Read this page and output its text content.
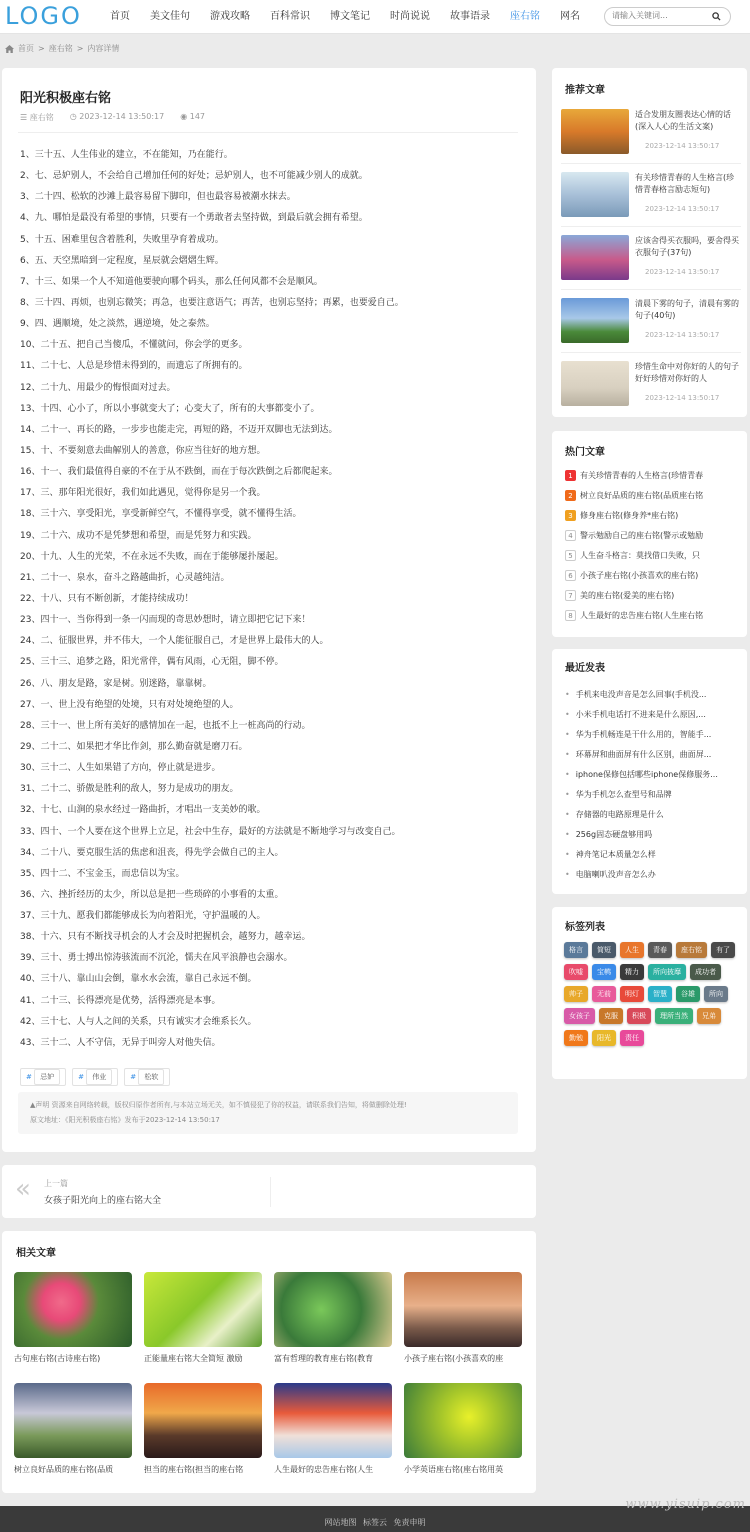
LOGO	首页	美文佳句	游戏攻略	百科常识	博文笔记	时尚说说	故事语录	座右铭	网名
请输入关键词...
首页 > 座右铭 > 内容详情
阳光积极座右铭
☰ 座右铭 ◷ 2023-12-14 13:50:17 ◉ 147
1、三十五、人生伟业的建立，不在能知，乃在能行。
2、七、忌妒别人，不会给自己增加任何的好处；忌妒别人，也不可能减少别人的成就。
3、二十四、松软的沙滩上最容易留下脚印，但也最容易被潮水抹去。
4、九、哪怕是最没有希望的事情，只要有一个勇敢者去坚持做，到最后就会拥有希望。
5、十五、困难里包含着胜利，失败里孕育着成功。
6、五、天空黑暗到一定程度，星辰就会熠熠生辉。
7、十三、如果一个人不知道他要驶向哪个码头，那么任何风都不会是顺风。
8、三十四、再烦，也别忘微笑；再急，也要注意语气；再苦，也别忘坚持；再累，也要爱自己。
9、四、遇顺境，处之淡然，遇逆境，处之泰然。
10、二十五、把自己当傻瓜，不懂就问，你会学的更多。
11、二十七、人总是珍惜未得到的，而遗忘了所拥有的。
12、二十九、用最少的悔恨面对过去。
13、十四、心小了，所以小事就变大了；心变大了，所有的大事都变小了。
14、二十一、再长的路，一步步也能走完，再短的路，不迈开双脚也无法到达。
15、十、不要刻意去曲解别人的善意，你应当往好的地方想。
16、十一、我们最值得自豪的不在于从不跌倒，而在于每次跌倒之后都爬起来。
17、三、那年阳光很好，我们如此遇见，觉得你是另一个我。
18、三十六、享受阳光，享受新鲜空气，不懂得享受，就不懂得生活。
19、二十六、成功不是凭梦想和希望，而是凭努力和实践。
20、十九、人生的光荣，不在永远不失败，而在于能够屡扑屡起。
21、二十一、泉水，奋斗之路越曲折，心灵越纯洁。
22、十八、只有不断创新，才能持续成功！
23、四十一、当你得到一条一闪而现的奇思妙想时，请立即把它记下来！
24、二、征服世界，并不伟大，一个人能征服自己，才是世界上最伟大的人。
25、三十三、追梦之路，阳光常伴，偶有风雨，心无阻，脚不停。
26、八、朋友是路，家是树。别迷路，靠靠树。
27、一、世上没有绝望的处境，只有对处境绝望的人。
28、三十一、世上所有美好的感情加在一起，也抵不上一桩高尚的行动。
29、二十二、如果把才华比作剑，那么勤奋就是磨刀石。
30、三十二、人生如果错了方向，停止就是进步。
31、二十二、骄傲是胜利的敌人，努力是成功的朋友。
32、十七、山涧的泉水经过一路曲折，才唱出一支美妙的歌。
33、四十、一个人要在这个世界上立足，社会中生存，最好的方法就是不断地学习与改变自己。
34、二十八、要克服生活的焦虑和沮丧，得先学会做自己的主人。
35、四十二、不宝金玉，而忠信以为宝。
36、六、挫折经历的太少，所以总是把一些琐碎的小事看的太重。
37、三十九、愿我们都能够成长为向着阳光，守护温暖的人。
38、十六、只有不断找寻机会的人才会及时把握机会，越努力，越幸运。
39、三十、勇士搏出惊涛骇流而不沉沦，懦夫在风平浪静也会溺水。
40、三十八、靠山山会倒，靠水水会流，靠自己永远不倒。
41、二十三、长得漂亮是优势，活得漂亮是本事。
42、三十七、人与人之间的关系，只有诚实才会维系长久。
43、三十二、人不守信，无异于叫旁人对他失信。
# 忌妒	# 伟业	# 松软
▲声明 资源来自网络转载，版权归原作者所有,与本站立场无关，如不慎侵犯了你的权益，请联系我们告知，将做删除处理!
原文地址：《阳光积极座右铭》发布于2023-12-14 13:50:17
« 上一篇
女孩子阳光向上的座右铭大全
相关文章
古句座右铭(古诗座右铭)	正能量座右铭大全简短 激励	富有哲理的教育座右铭(教育	小孩子座右铭(小孩喜欢的座
树立良好品质的座右铭(品质	担当的座右铭(担当的座右铭	人生最好的忠告座右铭(人生	小学英语座右铭(座右铭用英
推荐文章
适合发朋友圈表达心情的话(深入人心的生活文案)
2023-12-14 13:50:17
有关珍惜青春的人生格言(珍惜青春格言励志短句)
2023-12-14 13:50:17
应该舍得买衣服吗，要舍得买衣服句子(37句)
2023-12-14 13:50:17
清晨下雾的句子，清晨有雾的句子(40句)
2023-12-14 13:50:17
珍惜生命中对你好的人的句子 好好珍惜对你好的人
2023-12-14 13:50:17
热门文章
1 有关珍惜青春的人生格言(珍惜青春
2 树立良好品质的座右铭(品质座右铭
3 修身座右铭(修身养*座右铭)
4 警示勉励自己的座右铭(警示或勉励
5 人生奋斗格言：莫找借口失败，只
6 小孩子座右铭(小孩喜欢的座右铭)
7 美的座右铭(爱美的座右铭)
8 人生最好的忠告座右铭(人生座右铭
最近发表
• 手机来电没声音是怎么回事(手机没...
• 小米手机电话打不进来是什么原因,...
• 华为手机畅连是干什么用的，智能手...
• 环幕屏和曲面屏有什么区别，曲面屏...
• iphone保修包括哪些iphone保修服务...
• 华为手机怎么查型号和品牌
• 存储器的电路原理是什么
• 256g固态硬盘够用吗
• 神舟笔记本质量怎么样
• 电脑喇叭没声音怎么办
标签列表
格言	简短	人生	青春	座右铭	有了
吹嘘	宝鹌	精力	所向披靡	成功者
帅子	无前	明灯	智慧	谷雄	所向
女孩子	克服	积极	理所当然	兄弟
勤勉	阳光	责任
网站地图 标签云 免责申明
www.yisuip.com
